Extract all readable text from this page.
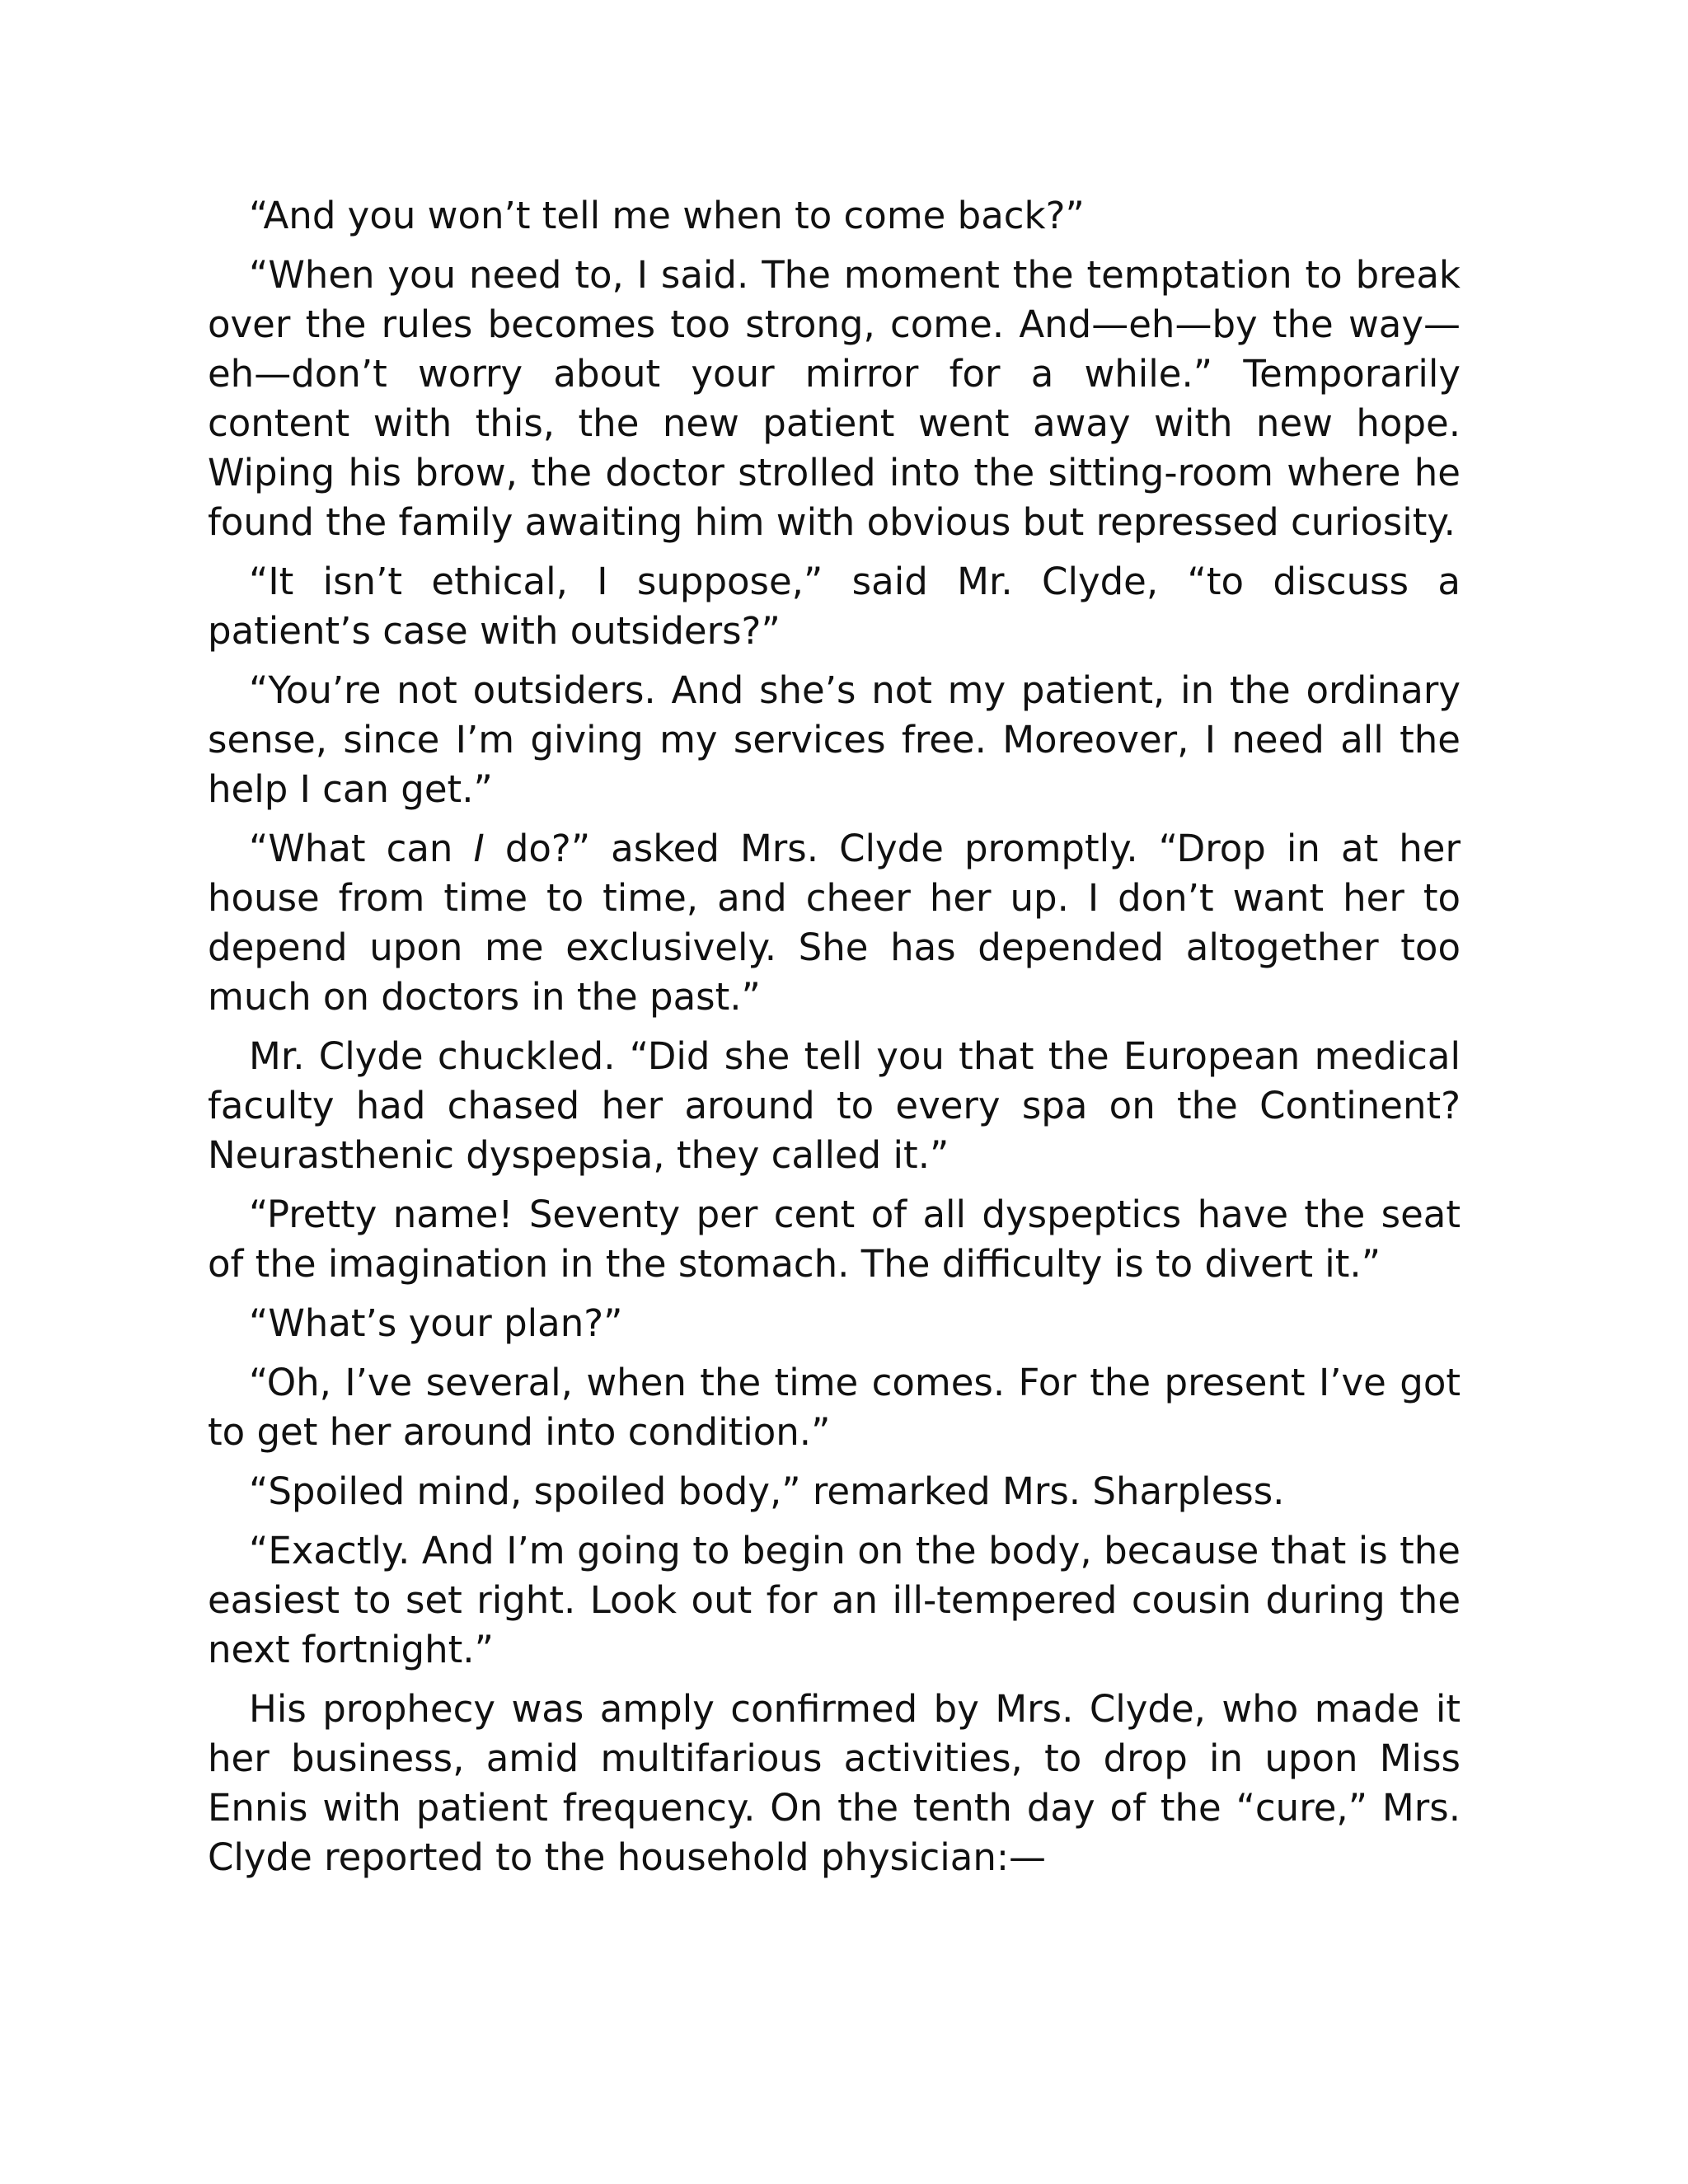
“And you won’t tell me when to come back?”

“When you need to, I said. The moment the temptation to break over the rules becomes too strong, come. And—eh—by the way—eh—don’t worry about your mirror for a while.” Temporarily content with this, the new patient went away with new hope. Wiping his brow, the doctor strolled into the sitting-room where he found the family awaiting him with obvious but repressed curiosity.

“It isn’t ethical, I suppose,” said Mr. Clyde, “to discuss a patient’s case with outsiders?”

“You’re not outsiders. And she’s not my patient, in the ordinary sense, since I’m giving my services free. Moreover, I need all the help I can get.”

“What can I do?” asked Mrs. Clyde promptly. “Drop in at her house from time to time, and cheer her up. I don’t want her to depend upon me exclusively. She has depended altogether too much on doctors in the past.”

Mr. Clyde chuckled. “Did she tell you that the European medical faculty had chased her around to every spa on the Continent? Neurasthenic dyspepsia, they called it.”

“Pretty name! Seventy per cent of all dyspeptics have the seat of the imagination in the stomach. The difficulty is to divert it.”

“What’s your plan?”

“Oh, I’ve several, when the time comes. For the present I’ve got to get her around into condition.”

“Spoiled mind, spoiled body,” remarked Mrs. Sharpless.

“Exactly. And I’m going to begin on the body, because that is the easiest to set right. Look out for an ill-tempered cousin during the next fortnight.”

His prophecy was amply confirmed by Mrs. Clyde, who made it her business, amid multifarious activities, to drop in upon Miss Ennis with patient frequency. On the tenth day of the “cure,” Mrs. Clyde reported to the household physician:—
